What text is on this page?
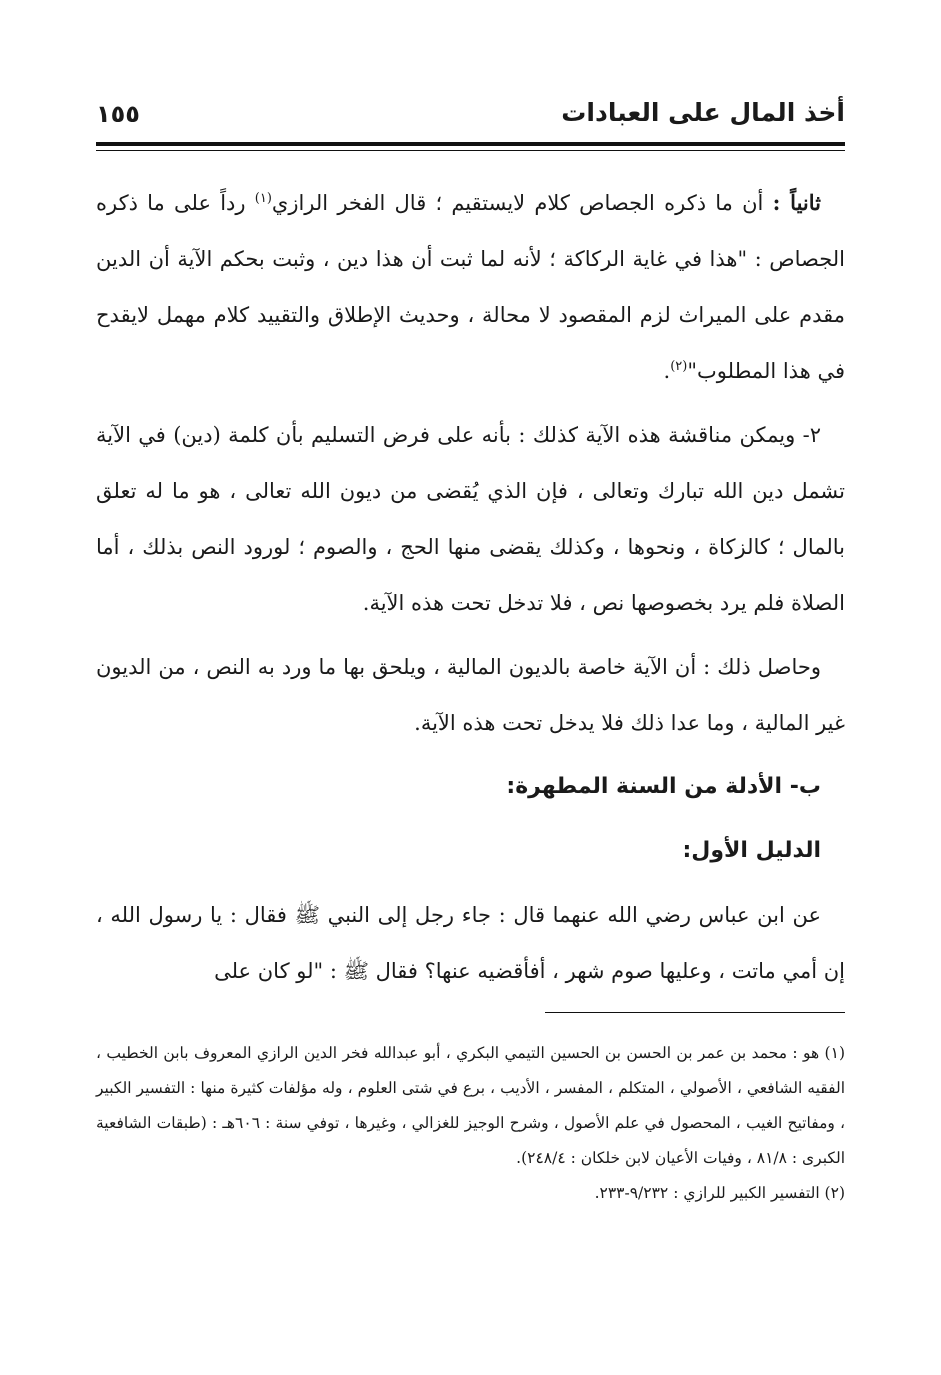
أخذ المال على العبادات
١٥٥

ثانياً : أن ما ذكره الجصاص كلام لايستقيم ؛ قال الفخر الرازي$^{(١)}$ رداً على ما ذكره الجصاص : "هذا في غاية الركاكة ؛ لأنه لما ثبت أن هذا دين ، وثبت بحكم الآية أن الدين مقدم على الميراث لزم المقصود لا محالة ، وحديث الإطلاق والتقييد كلام مهمل لايقدح في هذا المطلوب"$^{(٢)}$.

٢- ويمكن مناقشة هذه الآية كذلك : بأنه على فرض التسليم بأن كلمة (دين) في الآية تشمل دين الله تبارك وتعالى ، فإن الذي يُقضى من ديون الله تعالى ، هو ما له تعلق بالمال ؛ كالزكاة ، ونحوها ، وكذلك يقضى منها الحج ، والصوم ؛ لورود النص بذلك ، أما الصلاة فلم يرد بخصوصها نص ، فلا تدخل تحت هذه الآية.

وحاصل ذلك : أن الآية خاصة بالديون المالية ، ويلحق بها ما ورد به النص ، من الديون غير المالية ، وما عدا ذلك فلا يدخل تحت هذه الآية.

ب- الأدلة من السنة المطهرة:
الدليل الأول:

عن ابن عباس رضي الله عنهما قال : جاء رجل إلى النبي ﷺ فقال : يا رسول الله ، إن أمي ماتت ، وعليها صوم شهر ، أفأقضيه عنها؟ فقال ﷺ : "لو كان على

(١) هو : محمد بن عمر بن الحسن بن الحسين التيمي البكري ، أبو عبدالله فخر الدين الرازي المعروف بابن الخطيب ، الفقيه الشافعي ، الأصولي ، المتكلم ، المفسر ، الأديب ، برع في شتى العلوم ، وله مؤلفات كثيرة منها : التفسير الكبير ، ومفاتيح الغيب ، المحصول في علم الأصول ، وشرح الوجيز للغزالي ، وغيرها ، توفي سنة : ٦٠٦هـ : (طبقات الشافعية الكبرى : ٨١/٨ ، وفيات الأعيان لابن خلكان : ٢٤٨/٤).

(٢) التفسير الكبير للرازي : ٩/٢٣٢-٢٣٣.
